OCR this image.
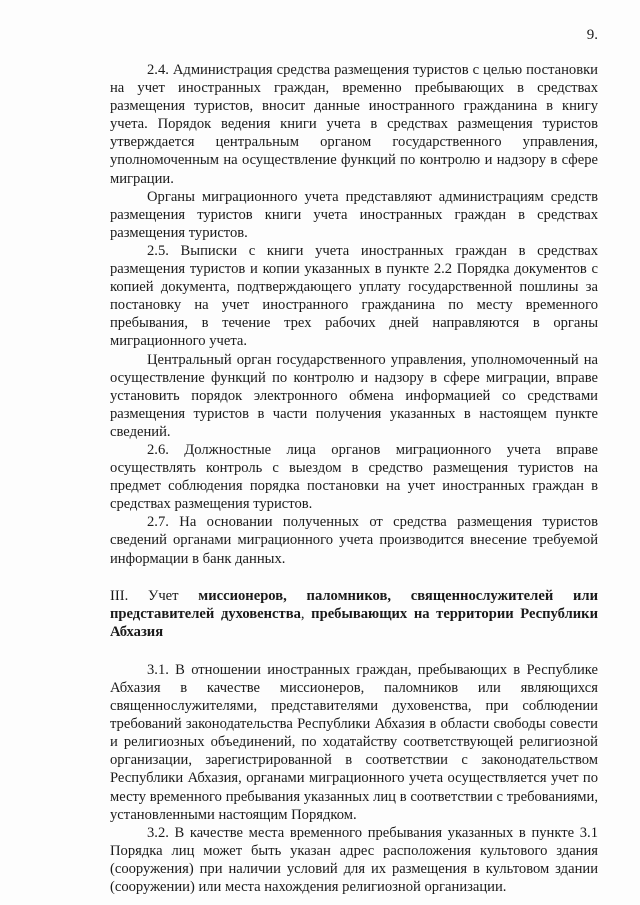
9.

2.4. Администрация средства размещения туристов с целью постановки на учет иностранных граждан, временно пребывающих в средствах размещения туристов, вносит данные иностранного гражданина в книгу учета. Порядок ведения книги учета в средствах размещения туристов утверждается центральным органом государственного управления, уполномоченным на осуществление функций по контролю и надзору в сфере миграции.

Органы миграционного учета представляют администрациям средств размещения туристов книги учета иностранных граждан в средствах размещения туристов.

2.5. Выписки с книги учета иностранных граждан в средствах размещения туристов и копии указанных в пункте 2.2 Порядка документов с копией документа, подтверждающего уплату государственной пошлины за постановку на учет иностранного гражданина по месту временного пребывания, в течение трех рабочих дней направляются в органы миграционного учета.

Центральный орган государственного управления, уполномоченный на осуществление функций по контролю и надзору в сфере миграции, вправе установить порядок электронного обмена информацией со средствами размещения туристов в части получения указанных в настоящем пункте сведений.

2.6. Должностные лица органов миграционного учета вправе осуществлять контроль с выездом в средство размещения туристов на предмет соблюдения порядка постановки на учет иностранных граждан в средствах размещения туристов.

2.7. На основании полученных от средства размещения туристов сведений органами миграционного учета производится внесение требуемой информации в банк данных.

III. Учет миссионеров, паломников, священнослужителей или представителей духовенства, пребывающих на территории Республики Абхазия

3.1. В отношении иностранных граждан, пребывающих в Республике Абхазия в качестве миссионеров, паломников или являющихся священнослужителями, представителями духовенства, при соблюдении требований законодательства Республики Абхазия в области свободы совести и религиозных объединений, по ходатайству соответствующей религиозной организации, зарегистрированной в соответствии с законодательством Республики Абхазия, органами миграционного учета осуществляется учет по месту временного пребывания указанных лиц в соответствии с требованиями, установленными настоящим Порядком.

3.2. В качестве места временного пребывания указанных в пункте 3.1 Порядка лиц может быть указан адрес расположения культового здания (сооружения) при наличии условий для их размещения в культовом здании (сооружении) или места нахождения религиозной организации.
